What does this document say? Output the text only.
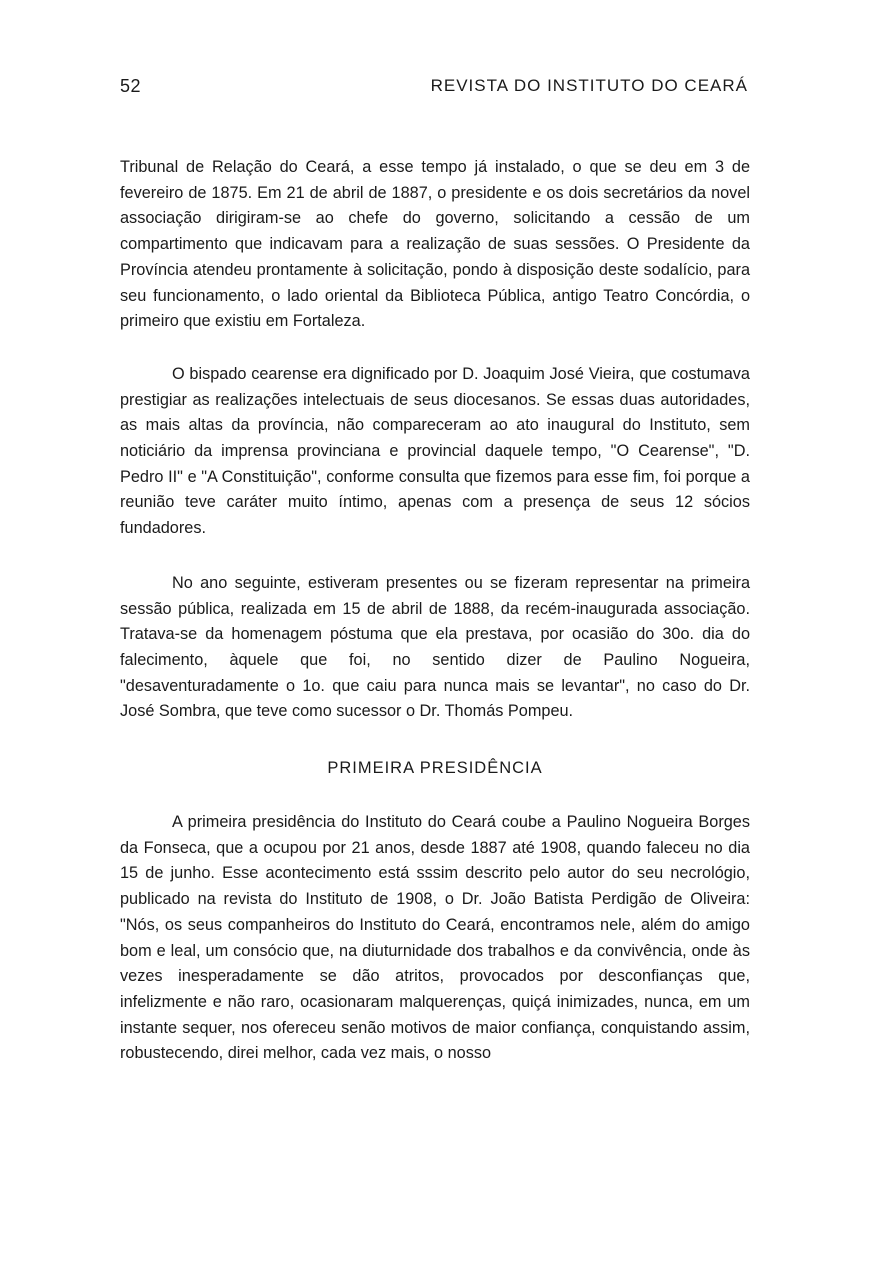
52	REVISTA DO INSTITUTO DO CEARÁ

Tribunal de Relação do Ceará, a esse tempo já instalado, o que se deu em 3 de fevereiro de 1875. Em 21 de abril de 1887, o presidente e os dois secretários da novel associação dirigiram-se ao chefe do governo, solicitando a cessão de um compartimento que indicavam para a realização de suas sessões. O Presidente da Província atendeu prontamente à solicitação, pondo à disposição deste sodalício, para seu funcionamento, o lado oriental da Biblioteca Pública, antigo Teatro Concórdia, o primeiro que existiu em Fortaleza.

O bispado cearense era dignificado por D. Joaquim José Vieira, que costumava prestigiar as realizações intelectuais de seus diocesanos. Se essas duas autoridades, as mais altas da província, não compareceram ao ato inaugural do Instituto, sem noticiário da imprensa provinciana e provincial daquele tempo, "O Cearense", "D. Pedro II" e "A Constituição", conforme consulta que fizemos para esse fim, foi porque a reunião teve caráter muito íntimo, apenas com a presença de seus 12 sócios fundadores.

No ano seguinte, estiveram presentes ou se fizeram representar na primeira sessão pública, realizada em 15 de abril de 1888, da recém-inaugurada associação. Tratava-se da homenagem póstuma que ela prestava, por ocasião do 30o. dia do falecimento, àquele que foi, no sentido dizer de Paulino Nogueira, "desaventuradamente o 1o. que caiu para nunca mais se levantar", no caso do Dr. José Sombra, que teve como sucessor o Dr. Thomás Pompeu.

PRIMEIRA PRESIDÊNCIA

A primeira presidência do Instituto do Ceará coube a Paulino Nogueira Borges da Fonseca, que a ocupou por 21 anos, desde 1887 até 1908, quando faleceu no dia 15 de junho. Esse acontecimento está sssim descrito pelo autor do seu necrológio, publicado na revista do Instituto de 1908, o Dr. João Batista Perdigão de Oliveira: "Nós, os seus companheiros do Instituto do Ceará, encontramos nele, além do amigo bom e leal, um consócio que, na diuturnidade dos trabalhos e da convivência, onde às vezes inesperadamente se dão atritos, provocados por desconfianças que, infelizmente e não raro, ocasionaram malquerenças, quiçá inimizades, nunca, em um instante sequer, nos ofereceu senão motivos de maior confiança, conquistando assim, robustecendo, direi melhor, cada vez mais, o nosso
